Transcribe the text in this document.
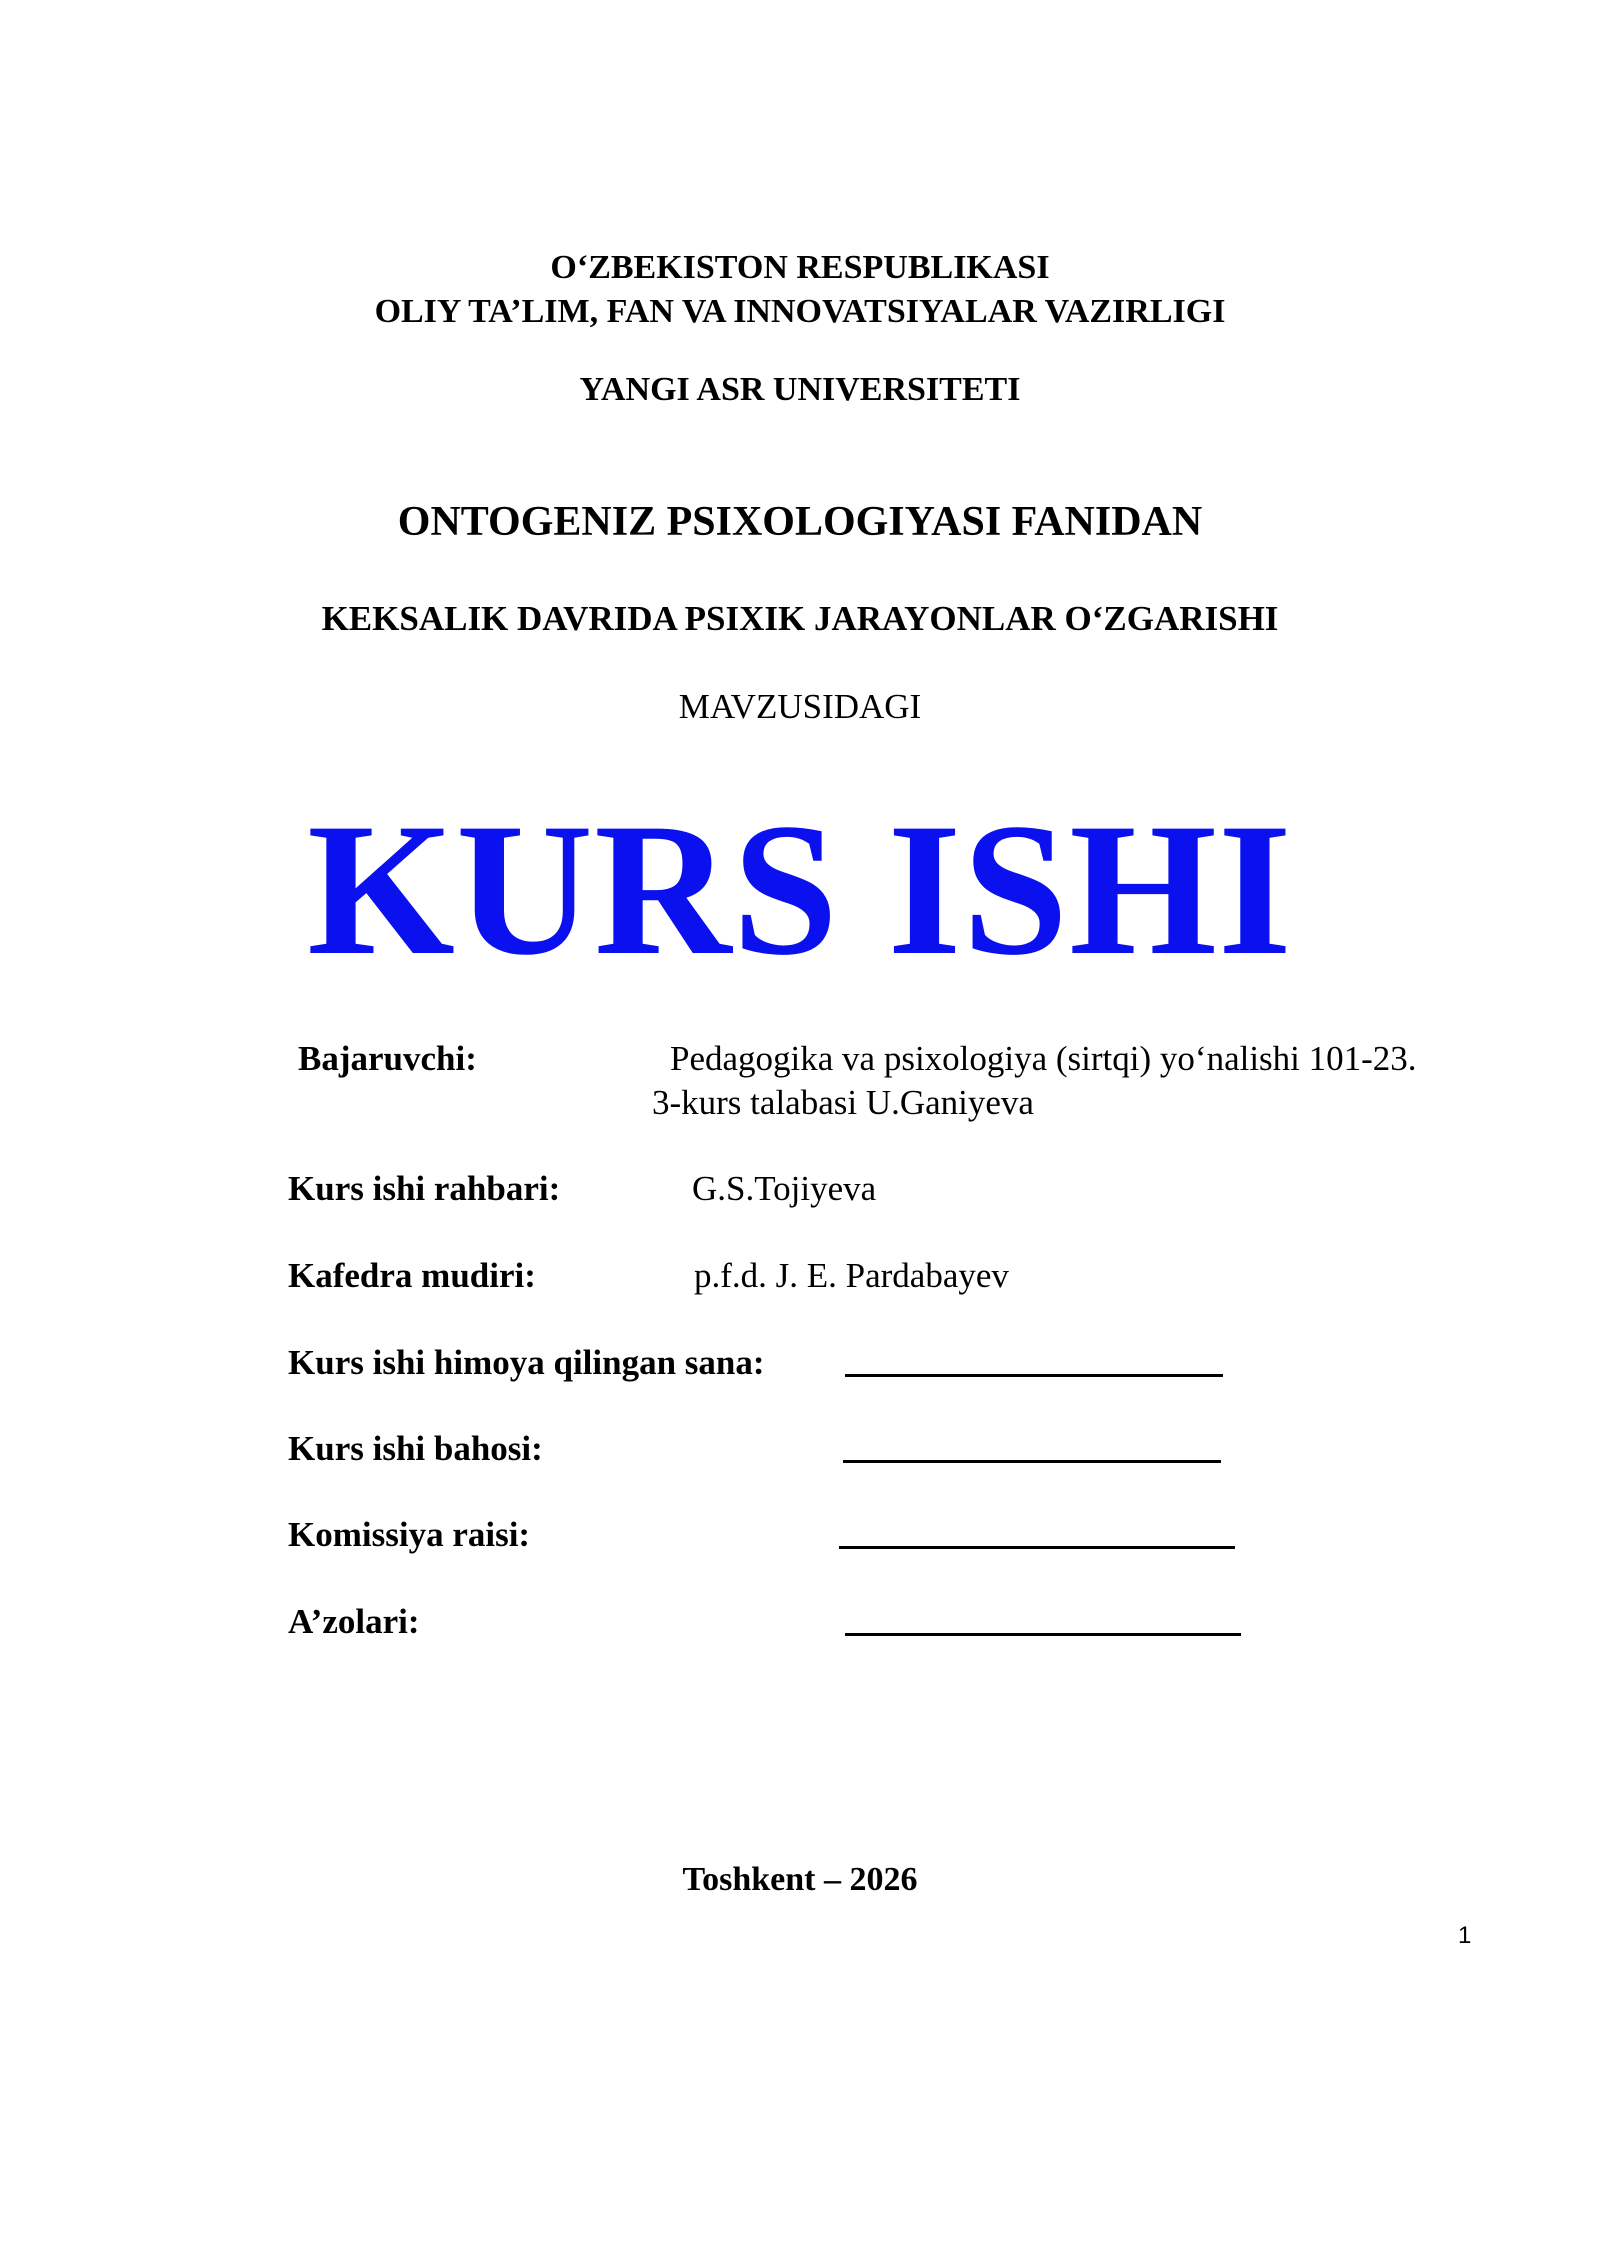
O‘ZBEKISTON RESPUBLIKASI
OLIY TA’LIM, FAN VA INNOVATSIYALAR VAZIRLIGI
YANGI ASR UNIVERSITETI
ONTOGENIZ PSIXOLOGIYASI FANIDAN
KEKSALIK DAVRIDA PSIXIK JARAYONLAR O‘ZGARISHI
MAVZUSIDAGI
KURS ISHI
Bajaruvchi:	Pedagogika va psixologiya (sirtqi) yo‘nalishi 101-23.
3-kurs talabasi U.Ganiyeva
Kurs ishi rahbari:	G.S.Tojiyeva
Kafedra mudiri:	p.f.d. J. E. Pardabayev
Kurs ishi himoya qilingan sana:
Kurs ishi bahosi:
Komissiya raisi:
A’zolari:
Toshkent – 2026
1
